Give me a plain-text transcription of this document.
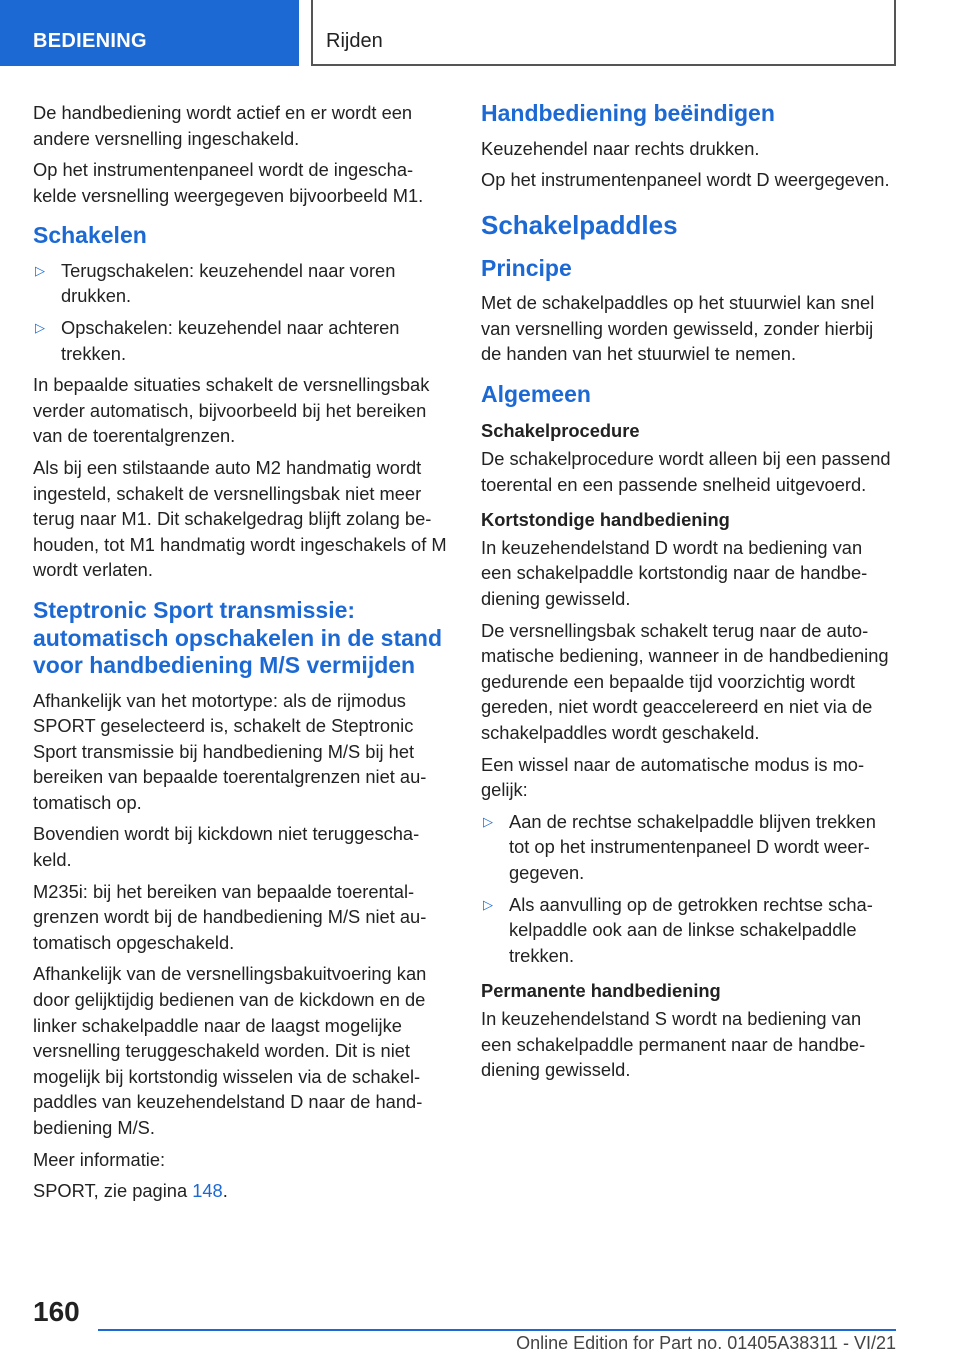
BEDIENING	Rijden

De handbediening wordt actief en er wordt een andere versnelling ingeschakeld.

Op het instrumentenpaneel wordt de ingeschakelde versnelling weergegeven bijvoorbeeld M1.

Schakelen
▷ Terugschakelen: keuzehendel naar voren drukken.
▷ Opschakelen: keuzehendel naar achteren trekken.

In bepaalde situaties schakelt de versnellingsbak verder automatisch, bijvoorbeeld bij het bereiken van de toerentalgrenzen.

Als bij een stilstaande auto M2 handmatig wordt ingesteld, schakelt de versnellingsbak niet meer terug naar M1. Dit schakelgedrag blijft zolang behouden, tot M1 handmatig wordt ingeschakels of M wordt verlaten.

Steptronic Sport transmissie: automatisch opschakelen in de stand voor handbediening M/S vermijden

Afhankelijk van het motortype: als de rijmodus SPORT geselecteerd is, schakelt de Steptronic Sport transmissie bij handbediening M/S bij het bereiken van bepaalde toerentalgrenzen niet automatisch op.

Bovendien wordt bij kickdown niet teruggeschakeld.

M235i: bij het bereiken van bepaalde toerentalgrenzen wordt bij de handbediening M/S niet automatisch opgeschakeld.

Afhankelijk van de versnellingsbakuitvoering kan door gelijktijdig bedienen van de kickdown en de linker schakelpaddle naar de laagst mogelijke versnelling teruggeschakeld worden. Dit is niet mogelijk bij kortstondig wisselen via de schakelpaddles van keuzehendelstand D naar de handbediening M/S.

Meer informatie:

SPORT, zie pagina 148.

Handbediening beëindigen

Keuzehendel naar rechts drukken.

Op het instrumentenpaneel wordt D weergegeven.

Schakelpaddles
Principe

Met de schakelpaddles op het stuurwiel kan snel van versnelling worden gewisseld, zonder hierbij de handen van het stuurwiel te nemen.

Algemeen
Schakelprocedure

De schakelprocedure wordt alleen bij een passend toerental en een passende snelheid uitgevoerd.

Kortstondige handbediening

In keuzehendelstand D wordt na bediening van een schakelpaddle kortstondig naar de handbediening gewisseld.

De versnellingsbak schakelt terug naar de automatische bediening, wanneer in de handbediening gedurende een bepaalde tijd voorzichtig wordt gereden, niet wordt geaccelereerd en niet via de schakelpaddles wordt geschakeld.

Een wissel naar de automatische modus is mogelijk:

▷ Aan de rechtse schakelpaddle blijven trekken tot op het instrumentenpaneel D wordt weergegeven.
▷ Als aanvulling op de getrokken rechtse schakelpaddle ook aan de linkse schakelpaddle trekken.
Permanente handbediening

In keuzehendelstand S wordt na bediening van een schakelpaddle permanent naar de handbediening gewisseld.

160
Online Edition for Part no. 01405A38311 - VI/21
